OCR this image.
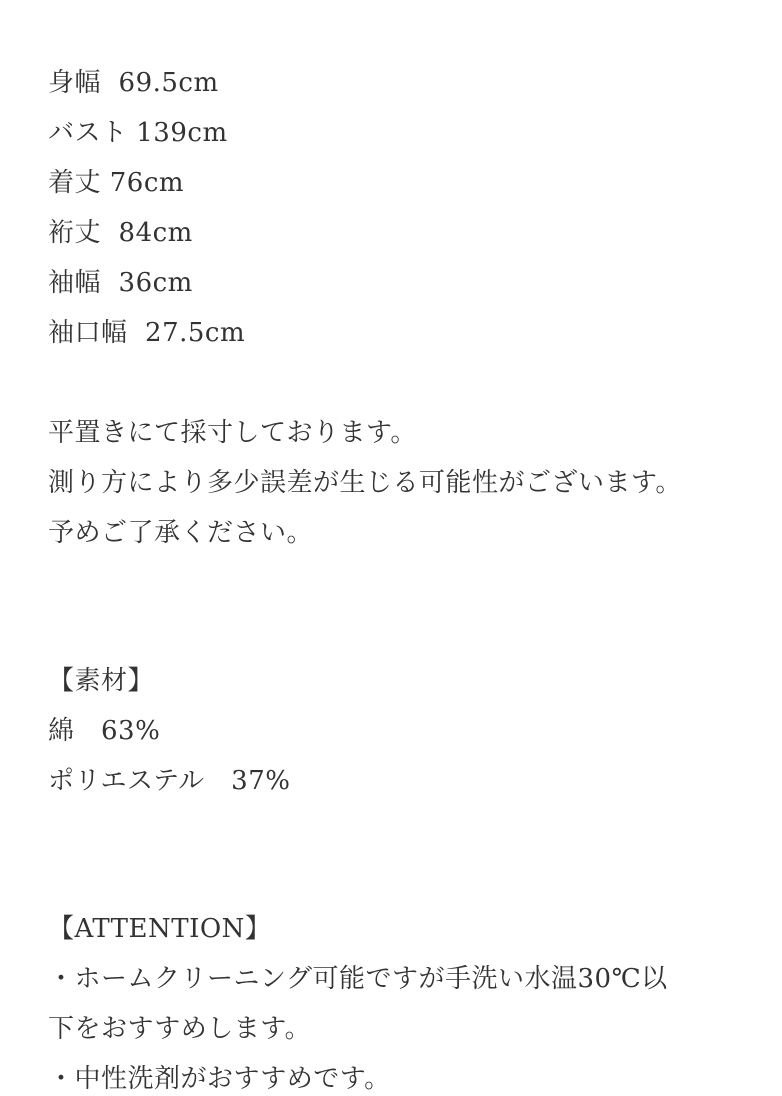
身幅  69.5cm
バスト 139cm
着丈 76cm
裄丈  84cm
袖幅  36cm
袖口幅  27.5cm
平置きにて採寸しております。
測り方により多少誤差が生じる可能性がございます。
予めご了承ください。
【素材】
綿　63%
ポリエステル　37%
【ATTENTION】
・ホームクリーニング可能ですが手洗い水温30℃以
下をおすすめします。
・中性洗剤がおすすめです。
